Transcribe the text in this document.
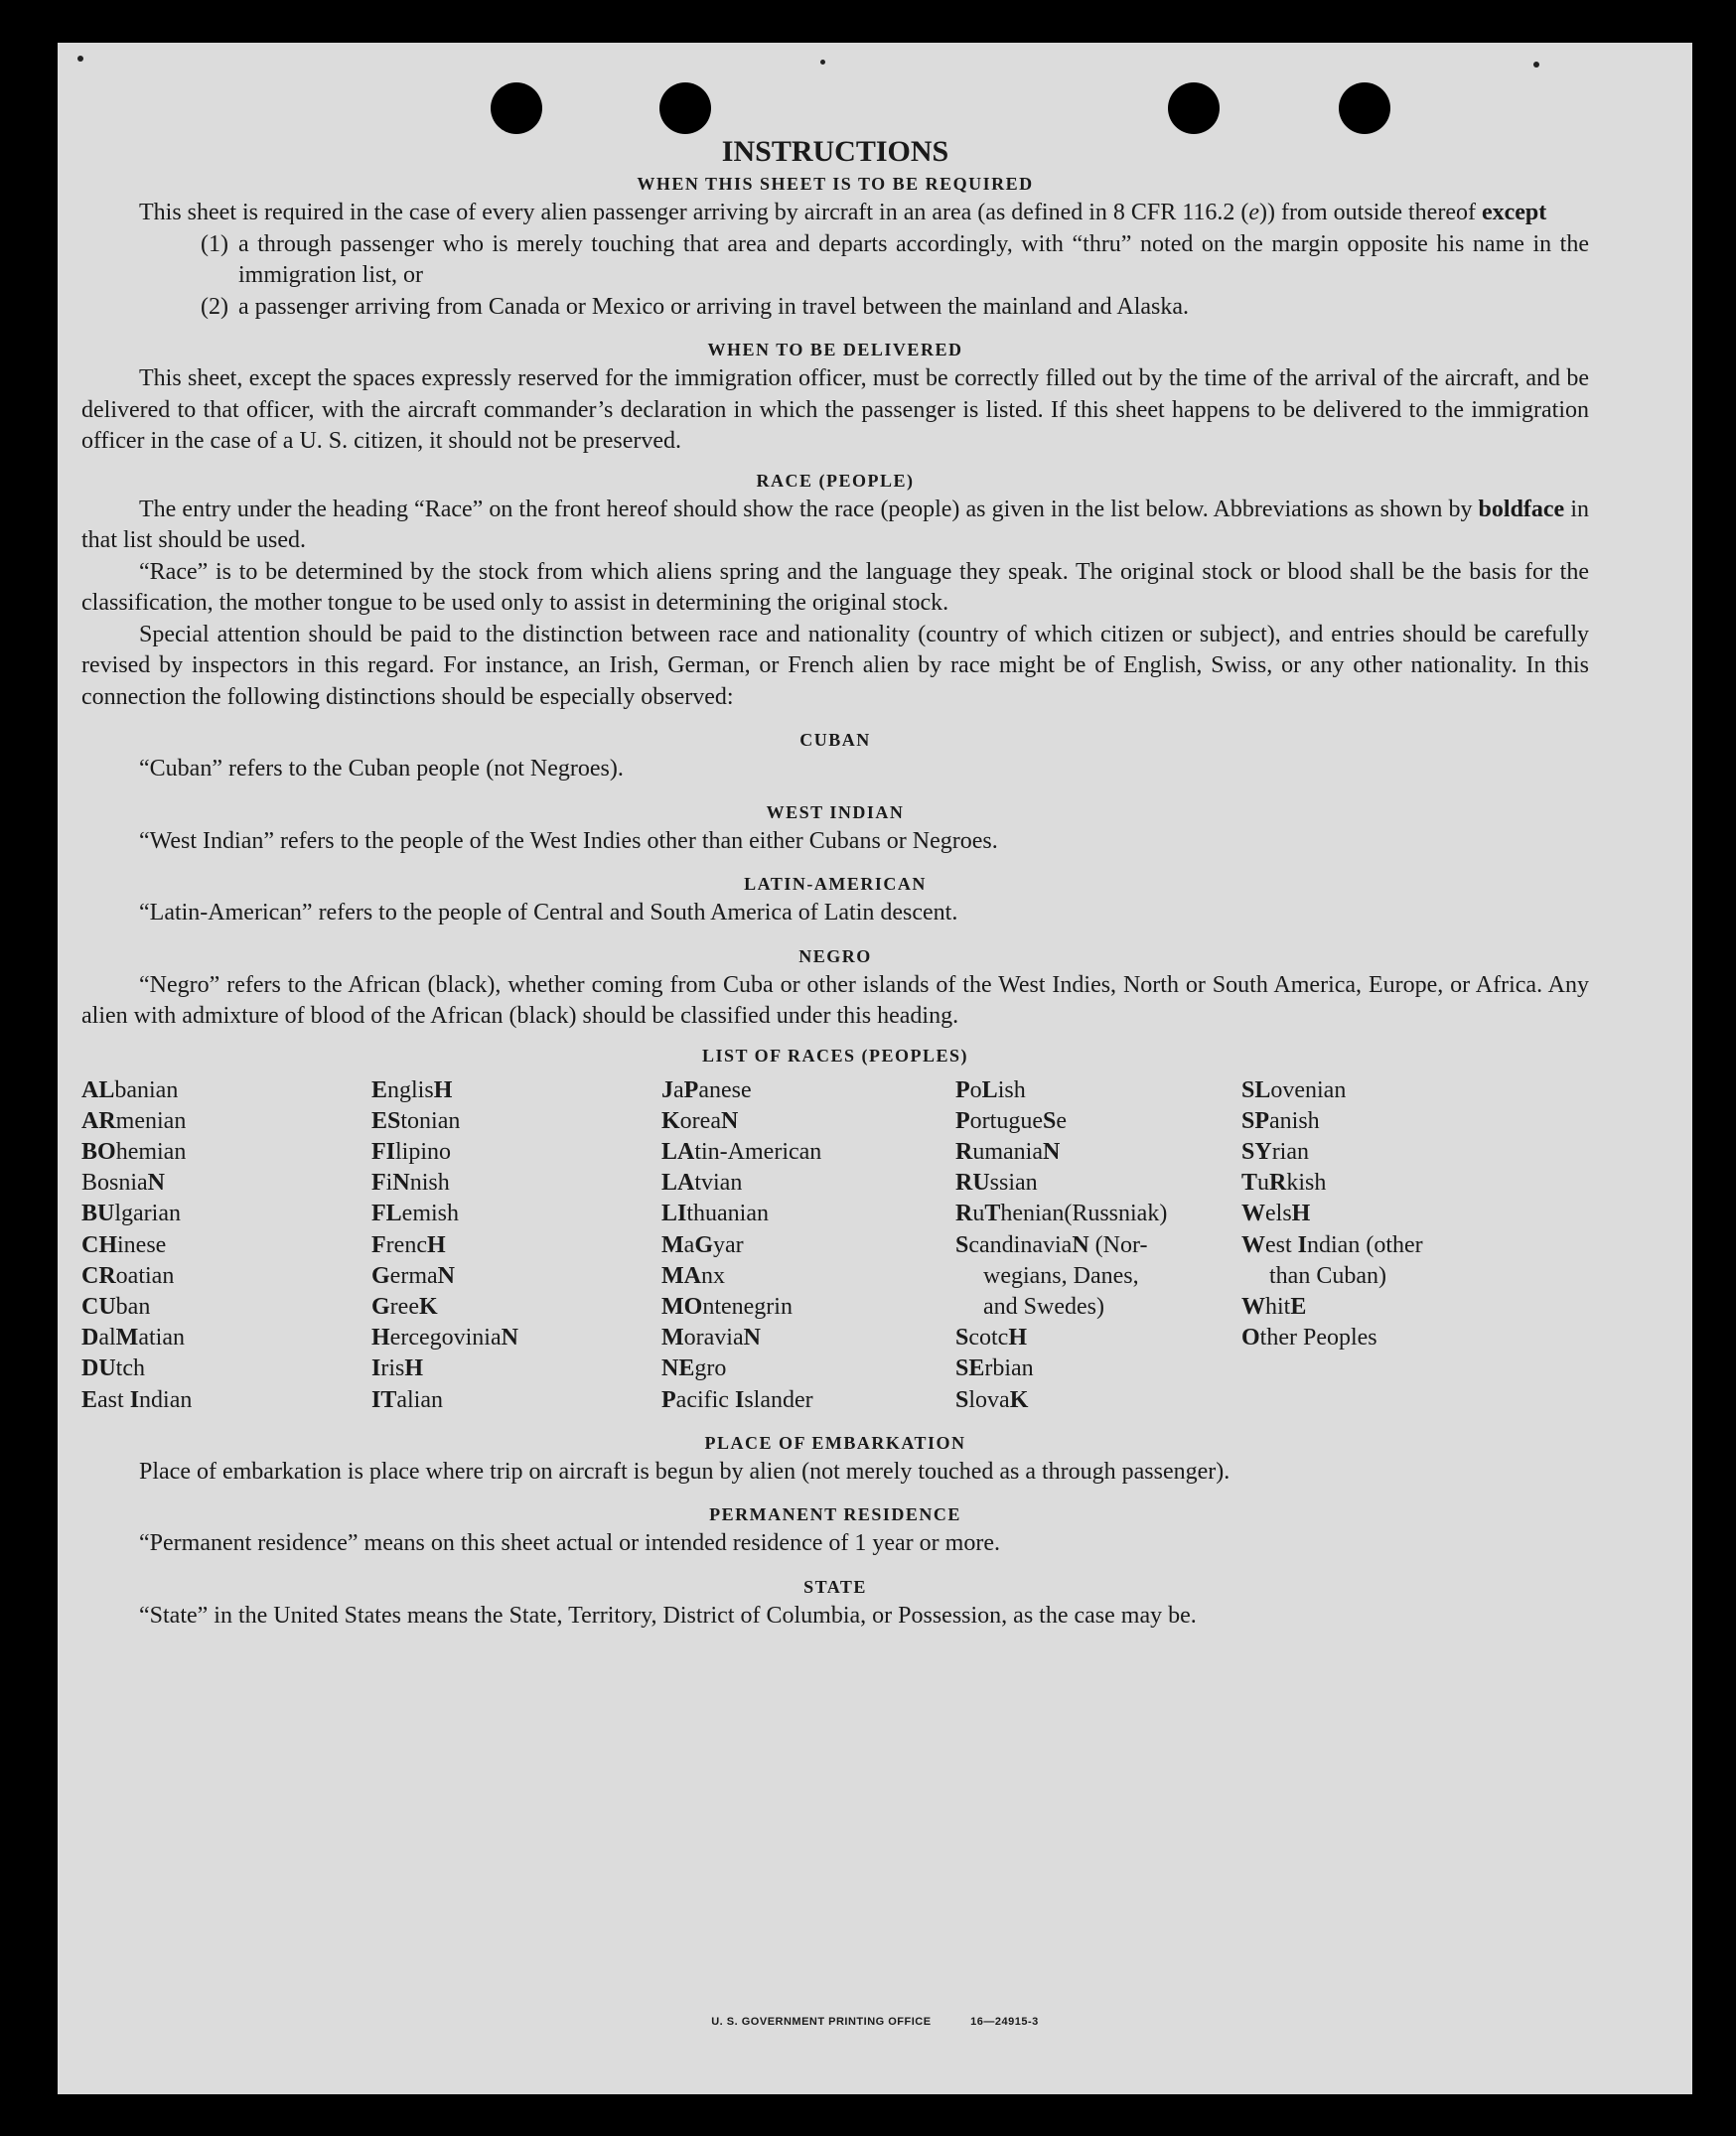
INSTRUCTIONS
WHEN THIS SHEET IS TO BE REQUIRED

This sheet is required in the case of every alien passenger arriving by aircraft in an area (as defined in 8 CFR 116.2 (e)) from outside thereof except

(1) a through passenger who is merely touching that area and departs accordingly, with “thru” noted on the margin opposite his name in the immigration list, or
(2) a passenger arriving from Canada or Mexico or arriving in travel between the mainland and Alaska.
WHEN TO BE DELIVERED

This sheet, except the spaces expressly reserved for the immigration officer, must be correctly filled out by the time of the arrival of the aircraft, and be delivered to that officer, with the aircraft commander’s declaration in which the passenger is listed. If this sheet happens to be delivered to the immigration officer in the case of a U. S. citizen, it should not be preserved.

RACE (PEOPLE)

The entry under the heading “Race” on the front hereof should show the race (people) as given in the list below. Abbreviations as shown by boldface in that list should be used.

“Race” is to be determined by the stock from which aliens spring and the language they speak. The original stock or blood shall be the basis for the classification, the mother tongue to be used only to assist in determining the original stock.

Special attention should be paid to the distinction between race and nationality (country of which citizen or subject), and entries should be carefully revised by inspectors in this regard. For instance, an Irish, German, or French alien by race might be of English, Swiss, or any other nationality. In this connection the following distinctions should be especially observed:

CUBAN

“Cuban” refers to the Cuban people (not Negroes).

WEST INDIAN

“West Indian” refers to the people of the West Indies other than either Cubans or Negroes.

LATIN-AMERICAN

“Latin-American” refers to the people of Central and South America of Latin descent.

NEGRO

“Negro” refers to the African (black), whether coming from Cuba or other islands of the West Indies, North or South America, Europe, or Africa. Any alien with admixture of blood of the African (black) should be classified under this heading.

LIST OF RACES (PEOPLES)
ALbanian
ARmenian
BOhemian
BosniaN
BUlgarian
CHinese
CRoatian
CUban
DalMatian
DUtch
East Indian
EnglisH
EStonian
FIlipino
FiNnish
FLemish
FrencH
GermaN
GreeK
HercegoviniaN
IrisH
ITalian
JaPanese
KoreaN
LAtin-American
LAtvian
LIthuanian
MaGyar
MAnx
MOntenegrin
MoraviaN
NEgro
Pacific Islander
PoLish
PortugueSe
RumaniaN
RUssian
RuThenian(Russniak)
ScandinaviaN (Nor-
wegians, Danes,
and Swedes)
ScotcH
SErbian
SlovaK
SLovenian
SPanish
SYrian
TuRkish
WelsH
West Indian (other
than Cuban)
WhitE
Other Peoples
PLACE OF EMBARKATION

Place of embarkation is place where trip on aircraft is begun by alien (not merely touched as a through passenger).

PERMANENT RESIDENCE

“Permanent residence” means on this sheet actual or intended residence of 1 year or more.

STATE

“State” in the United States means the State, Territory, District of Columbia, or Possession, as the case may be.

U. S. GOVERNMENT PRINTING OFFICE	16—24915-3
